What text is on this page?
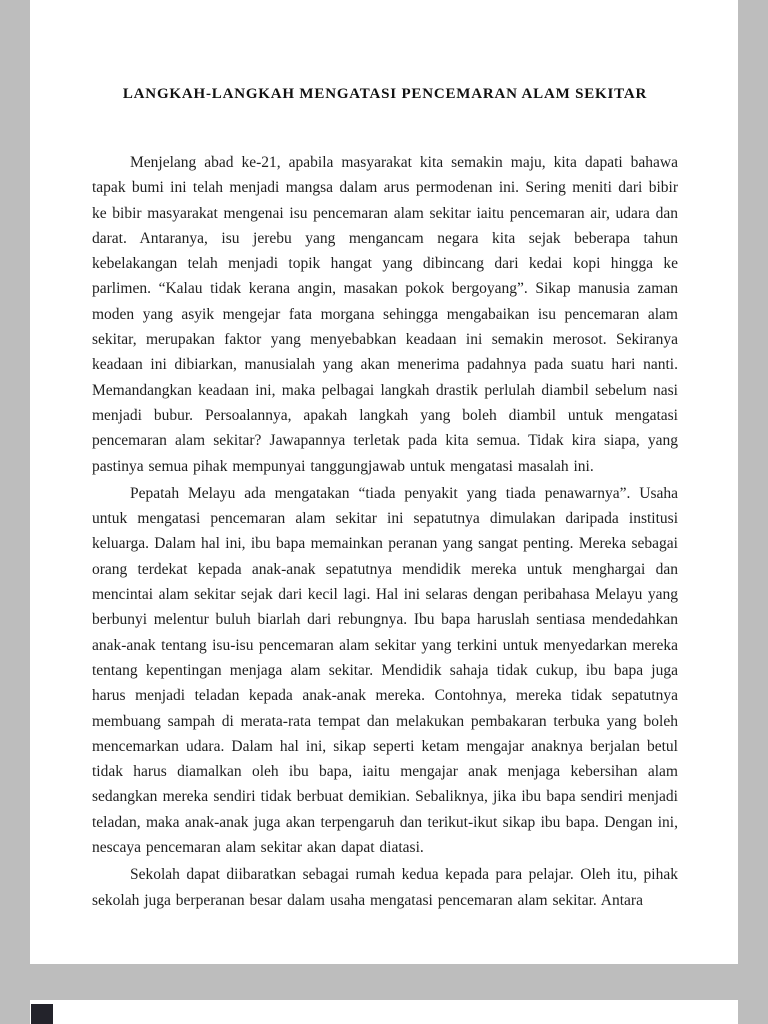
LANGKAH-LANGKAH MENGATASI PENCEMARAN ALAM SEKITAR

Menjelang abad ke-21, apabila masyarakat kita semakin maju, kita dapati bahawa tapak bumi ini telah menjadi mangsa dalam arus permodenan ini. Sering meniti dari bibir ke bibir masyarakat mengenai isu pencemaran alam sekitar iaitu pencemaran air, udara dan darat. Antaranya, isu jerebu yang mengancam negara kita sejak beberapa tahun kebelakangan telah menjadi topik hangat yang dibincang dari kedai kopi hingga ke parlimen. “Kalau tidak kerana angin, masakan pokok bergoyang”. Sikap manusia zaman moden yang asyik mengejar fata morgana sehingga mengabaikan isu pencemaran alam sekitar, merupakan faktor yang menyebabkan keadaan ini semakin merosot. Sekiranya keadaan ini dibiarkan, manusialah yang akan menerima padahnya pada suatu hari nanti. Memandangkan keadaan ini, maka pelbagai langkah drastik perlulah diambil sebelum nasi menjadi bubur. Persoalannya, apakah langkah yang boleh diambil untuk mengatasi pencemaran alam sekitar? Jawapannya terletak pada kita semua. Tidak kira siapa, yang pastinya semua pihak mempunyai tanggungjawab untuk mengatasi masalah ini.

Pepatah Melayu ada mengatakan “tiada penyakit yang tiada penawarnya”. Usaha untuk mengatasi pencemaran alam sekitar ini sepatutnya dimulakan daripada institusi keluarga. Dalam hal ini, ibu bapa memainkan peranan yang sangat penting. Mereka sebagai orang terdekat kepada anak-anak sepatutnya mendidik mereka untuk menghargai dan mencintai alam sekitar sejak dari kecil lagi. Hal ini selaras dengan peribahasa Melayu yang berbunyi melentur buluh biarlah dari rebungnya. Ibu bapa haruslah sentiasa mendedahkan anak-anak tentang isu-isu pencemaran alam sekitar yang terkini untuk menyedarkan mereka tentang kepentingan menjaga alam sekitar. Mendidik sahaja tidak cukup, ibu bapa juga harus menjadi teladan kepada anak-anak mereka. Contohnya, mereka tidak sepatutnya membuang sampah di merata-rata tempat dan melakukan pembakaran terbuka yang boleh mencemarkan udara. Dalam hal ini, sikap seperti ketam mengajar anaknya berjalan betul tidak harus diamalkan oleh ibu bapa, iaitu mengajar anak menjaga kebersihan alam sedangkan mereka sendiri tidak berbuat demikian. Sebaliknya, jika ibu bapa sendiri menjadi teladan, maka anak-anak juga akan terpengaruh dan terikut-ikut sikap ibu bapa. Dengan ini, nescaya pencemaran alam sekitar akan dapat diatasi.

Sekolah dapat diibaratkan sebagai rumah kedua kepada para pelajar. Oleh itu, pihak sekolah juga berperanan besar dalam usaha mengatasi pencemaran alam sekitar. Antara
